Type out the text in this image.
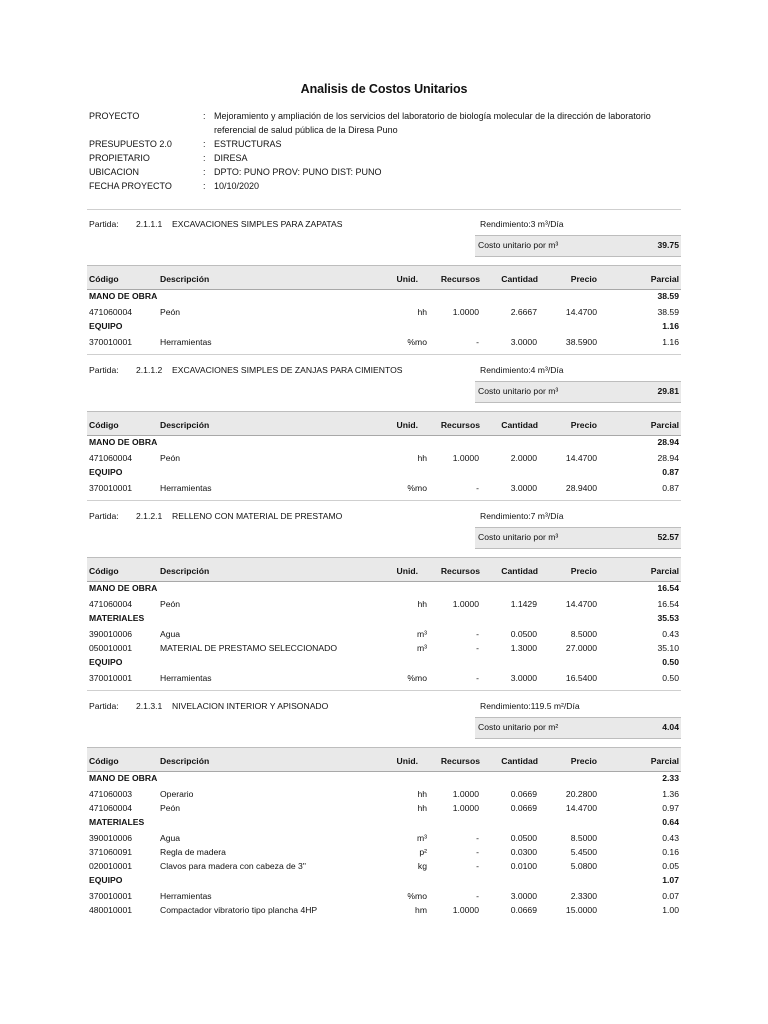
Analisis de Costos Unitarios
PROYECTO	: Mejoramiento y ampliación de los servicios del laboratorio de biología molecular de la dirección de laboratorio
referencial de salud pública de la Diresa Puno
PRESUPUESTO 2.0	: ESTRUCTURAS
PROPIETARIO	: DIRESA
UBICACION	: DPTO: PUNO PROV: PUNO DIST: PUNO
FECHA PROYECTO	: 10/10/2020
Partida: 2.1.1.1 EXCAVACIONES SIMPLES PARA ZAPATAS	Rendimiento:3 m³/Día
Costo unitario por m³	39.75
Código	Descripción	Unid.	Recursos	Cantidad	Precio	Parcial
MANO DE OBRA	38.59
471060004	Peón	hh	1.0000	2.6667	14.4700	38.59
EQUIPO	1.16
370010001	Herramientas	%mo	-	3.0000	38.5900	1.16
Partida: 2.1.1.2 EXCAVACIONES SIMPLES DE ZANJAS PARA CIMIENTOS	Rendimiento:4 m³/Día
Costo unitario por m³	29.81
Código	Descripción	Unid.	Recursos	Cantidad	Precio	Parcial
MANO DE OBRA	28.94
471060004	Peón	hh	1.0000	2.0000	14.4700	28.94
EQUIPO	0.87
370010001	Herramientas	%mo	-	3.0000	28.9400	0.87
Partida: 2.1.2.1 RELLENO CON MATERIAL DE PRESTAMO	Rendimiento:7 m³/Día
Costo unitario por m³	52.57
Código	Descripción	Unid.	Recursos	Cantidad	Precio	Parcial
MANO DE OBRA	16.54
471060004	Peón	hh	1.0000	1.1429	14.4700	16.54
MATERIALES	35.53
390010006	Agua	m³	-	0.0500	8.5000	0.43
050010001	MATERIAL DE PRESTAMO SELECCIONADO	m³	-	1.3000	27.0000	35.10
EQUIPO	0.50
370010001	Herramientas	%mo	-	3.0000	16.5400	0.50
Partida: 2.1.3.1 NIVELACION INTERIOR Y APISONADO	Rendimiento:119.5 m²/Día
Costo unitario por m²	4.04
Código	Descripción	Unid.	Recursos	Cantidad	Precio	Parcial
MANO DE OBRA	2.33
471060003	Operario	hh	1.0000	0.0669	20.2800	1.36
471060004	Peón	hh	1.0000	0.0669	14.4700	0.97
MATERIALES	0.64
390010006	Agua	m³	-	0.0500	8.5000	0.43
371060091	Regla de madera	p²	-	0.0300	5.4500	0.16
020010001	Clavos para madera con cabeza de 3"	kg	-	0.0100	5.0800	0.05
EQUIPO	1.07
370010001	Herramientas	%mo	-	3.0000	2.3300	0.07
480010001	Compactador vibratorio tipo plancha 4HP	hm	1.0000	0.0669	15.0000	1.00
